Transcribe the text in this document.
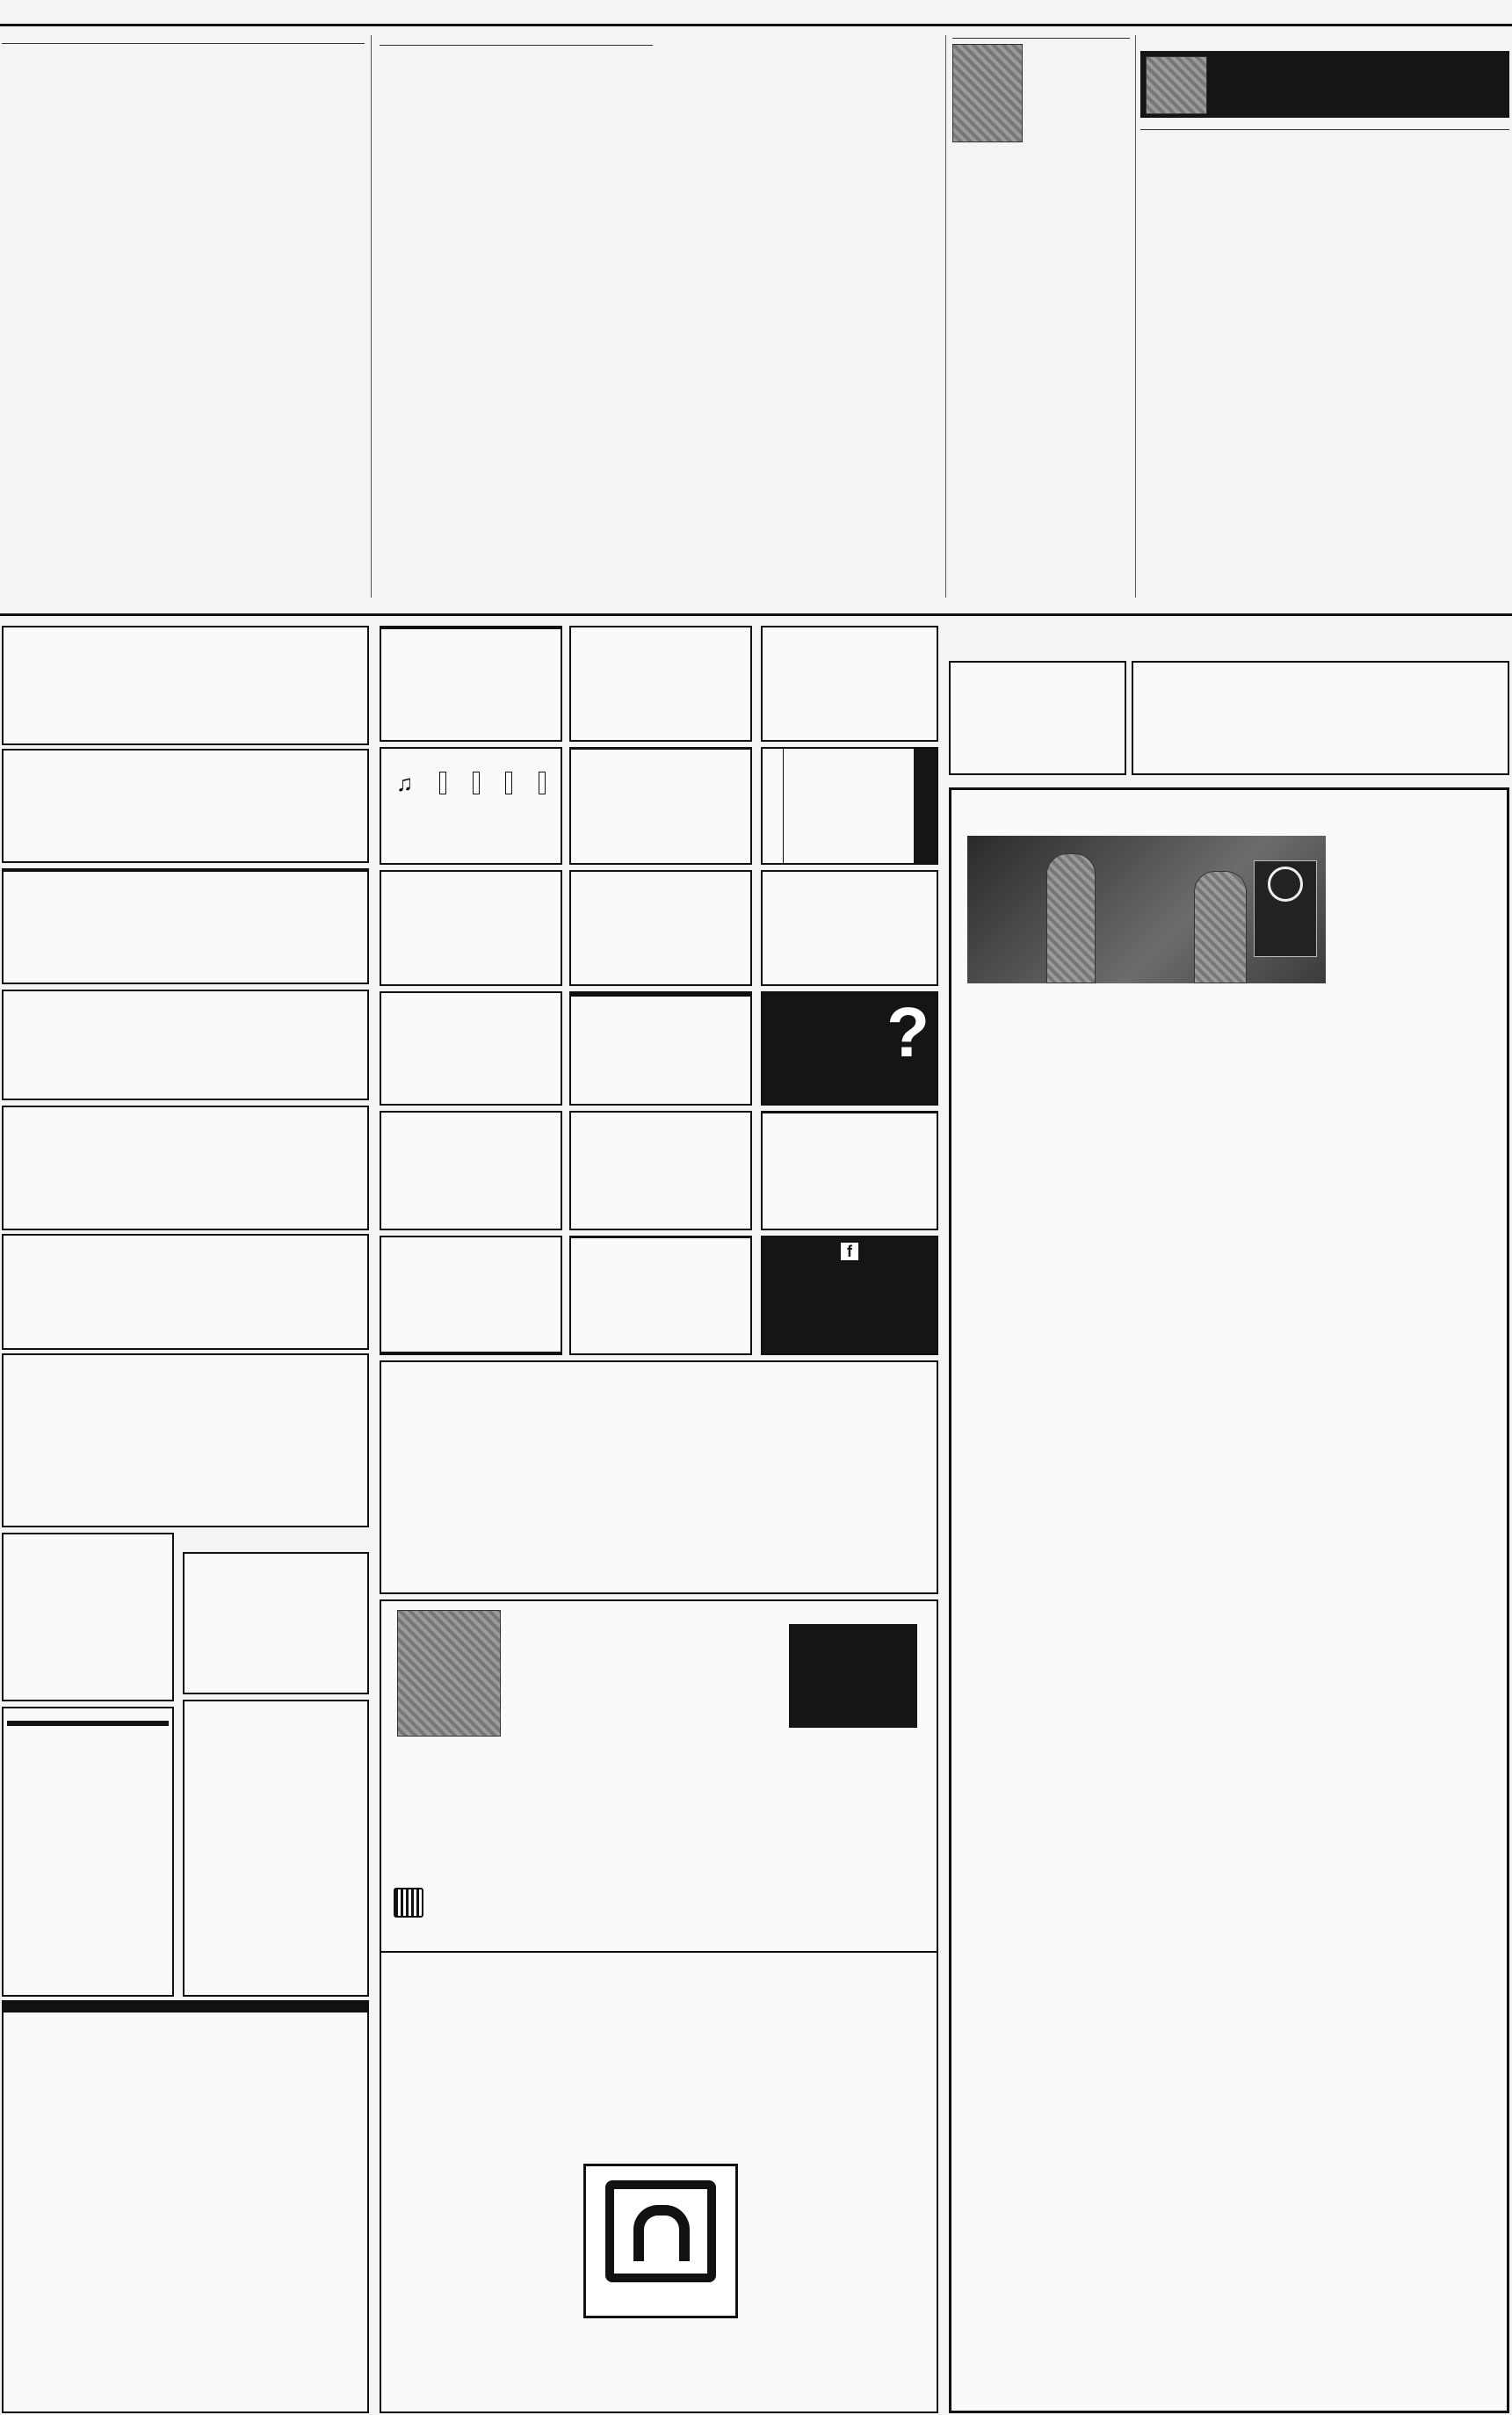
♫
?
f
